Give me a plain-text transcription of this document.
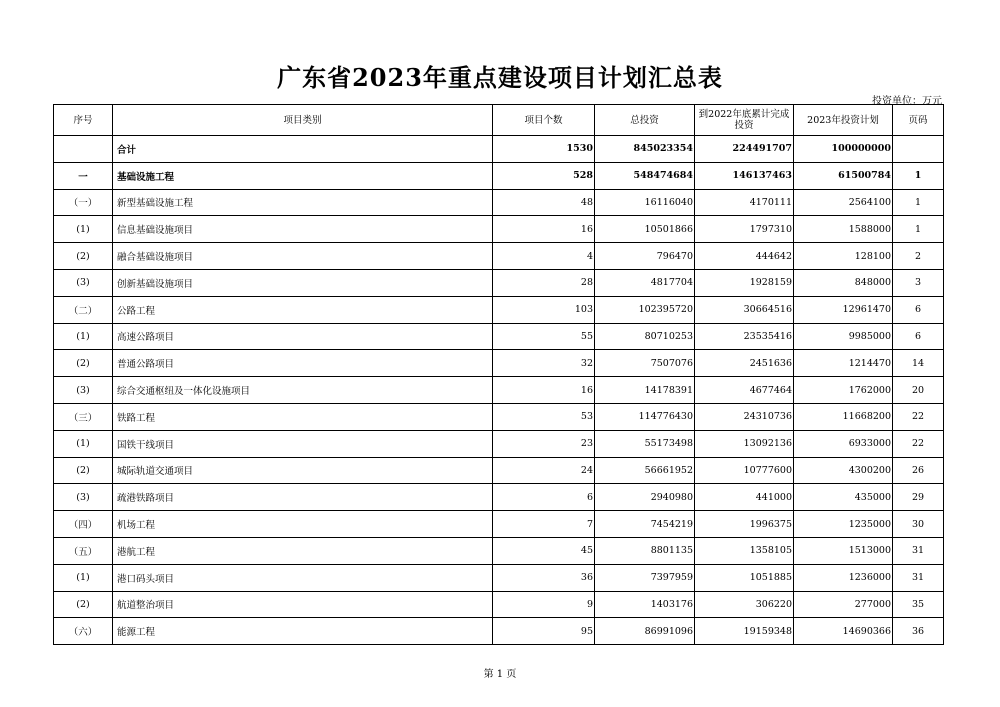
广东省2023年重点建设项目计划汇总表
投资单位：万元
序号	项目类别	项目个数	总投资	到2022年底累计完成投资	2023年投资计划	页码
	合计	1530	845023354	224491707	100000000	
一	基础设施工程	528	548474684	146137463	61500784	1
（一）	新型基础设施工程	48	16116040	4170111	2564100	1
(1)	信息基础设施项目	16	10501866	1797310	1588000	1
(2)	融合基础设施项目	4	796470	444642	128100	2
(3)	创新基础设施项目	28	4817704	1928159	848000	3
（二）	公路工程	103	102395720	30664516	12961470	6
(1)	高速公路项目	55	80710253	23535416	9985000	6
(2)	普通公路项目	32	7507076	2451636	1214470	14
(3)	综合交通枢纽及一体化设施项目	16	14178391	4677464	1762000	20
（三）	铁路工程	53	114776430	24310736	11668200	22
(1)	国铁干线项目	23	55173498	13092136	6933000	22
(2)	城际轨道交通项目	24	56661952	10777600	4300200	26
(3)	疏港铁路项目	6	2940980	441000	435000	29
（四）	机场工程	7	7454219	1996375	1235000	30
（五）	港航工程	45	8801135	1358105	1513000	31
(1)	港口码头项目	36	7397959	1051885	1236000	31
(2)	航道整治项目	9	1403176	306220	277000	35
（六）	能源工程	95	86991096	19159348	14690366	36
第 1 页
